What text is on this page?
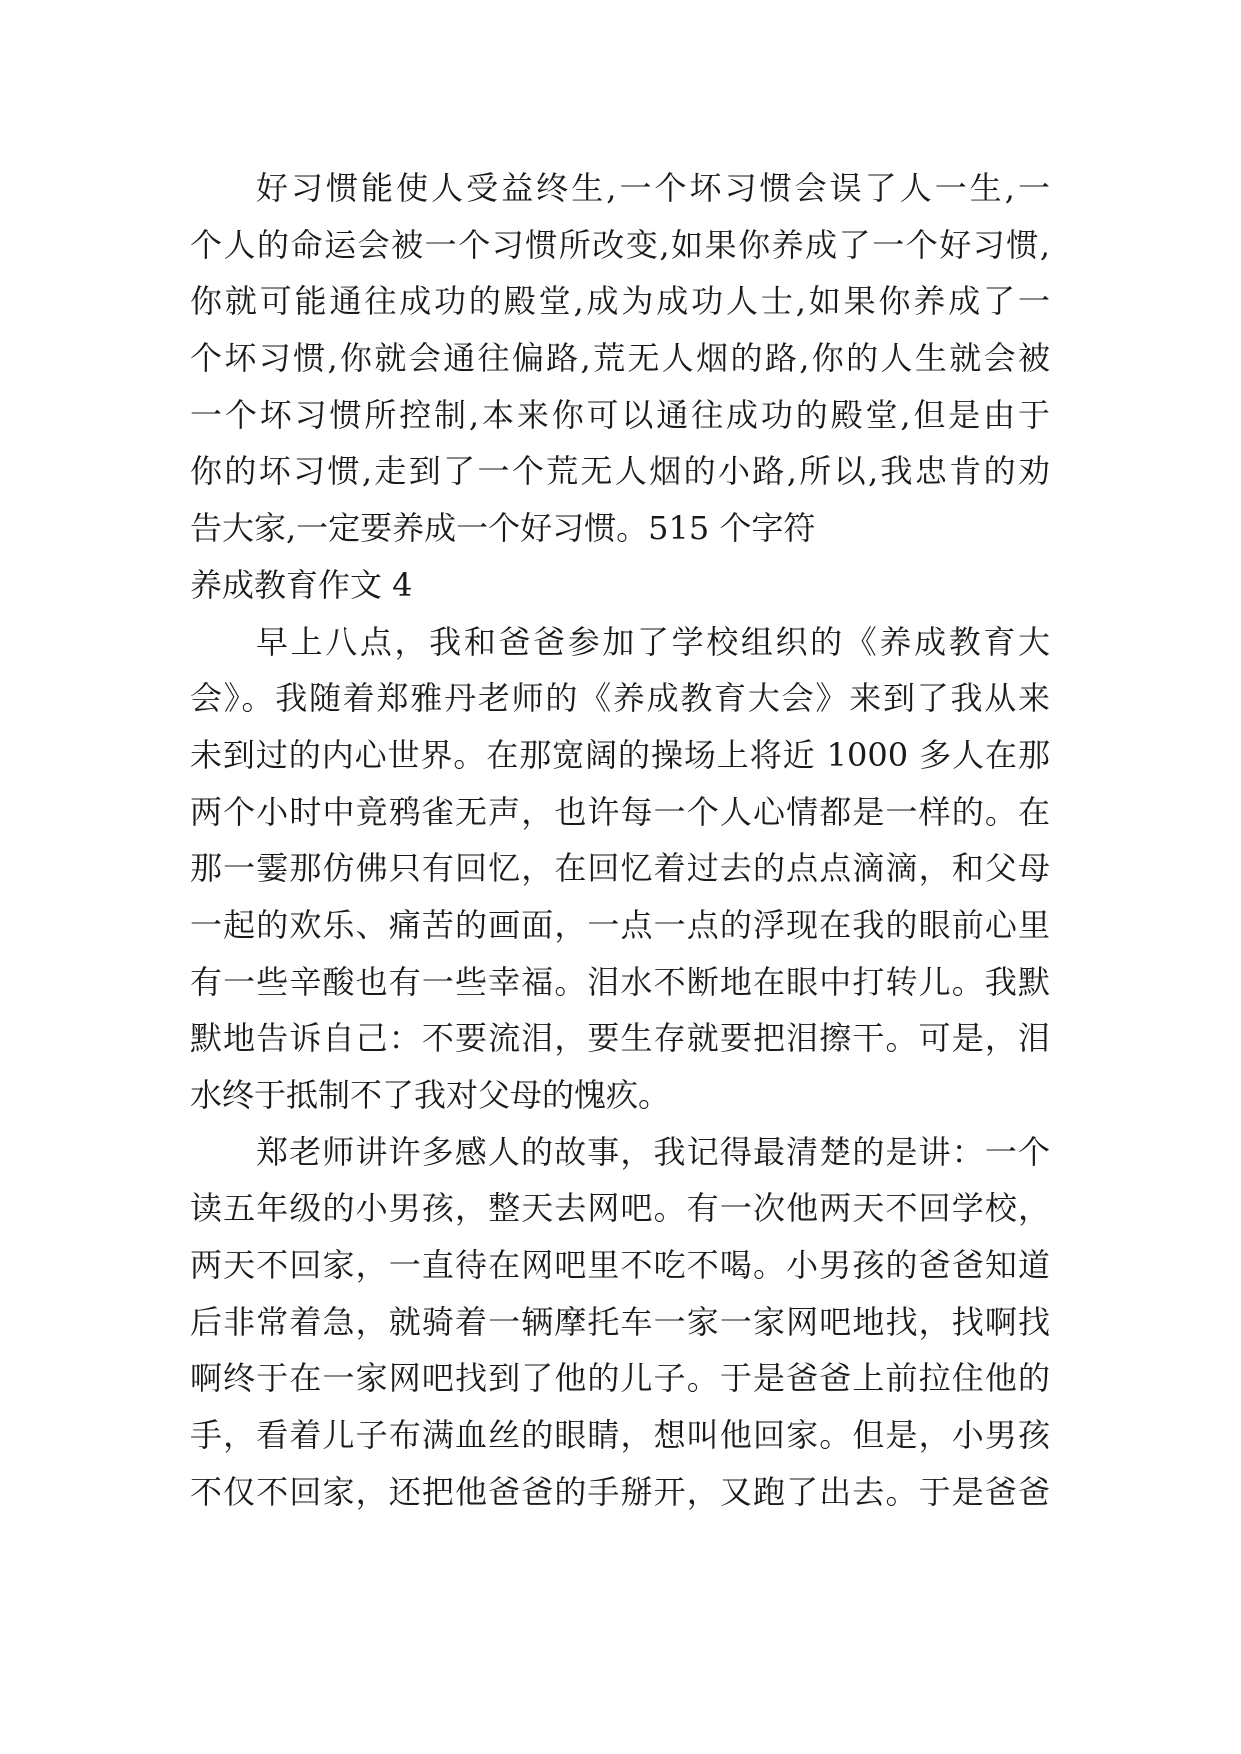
好习惯能使人受益终生,一个坏习惯会误了人一生,一
个人的命运会被一个习惯所改变,如果你养成了一个好习惯,
你就可能通往成功的殿堂,成为成功人士,如果你养成了一
个坏习惯,你就会通往偏路,荒无人烟的路,你的人生就会被
一个坏习惯所控制,本来你可以通往成功的殿堂,但是由于
你的坏习惯,走到了一个荒无人烟的小路,所以,我忠肯的劝
告大家,一定要养成一个好习惯。515 个字符
养成教育作文 4
早上八点，我和爸爸参加了学校组织的《养成教育大
会》。我随着郑雅丹老师的《养成教育大会》来到了我从来
未到过的内心世界。在那宽阔的操场上将近 1000 多人在那
两个小时中竟鸦雀无声，也许每一个人心情都是一样的。在
那一霎那仿佛只有回忆，在回忆着过去的点点滴滴，和父母
一起的欢乐、痛苦的画面，一点一点的浮现在我的眼前心里
有一些辛酸也有一些幸福。泪水不断地在眼中打转儿。我默
默地告诉自己：不要流泪，要生存就要把泪擦干。可是，泪
水终于抵制不了我对父母的愧疚。
郑老师讲许多感人的故事，我记得最清楚的是讲：一个
读五年级的小男孩，整天去网吧。有一次他两天不回学校，
两天不回家，一直待在网吧里不吃不喝。小男孩的爸爸知道
后非常着急，就骑着一辆摩托车一家一家网吧地找，找啊找
啊终于在一家网吧找到了他的儿子。于是爸爸上前拉住他的
手，看着儿子布满血丝的眼睛，想叫他回家。但是，小男孩
不仅不回家，还把他爸爸的手掰开，又跑了出去。于是爸爸
